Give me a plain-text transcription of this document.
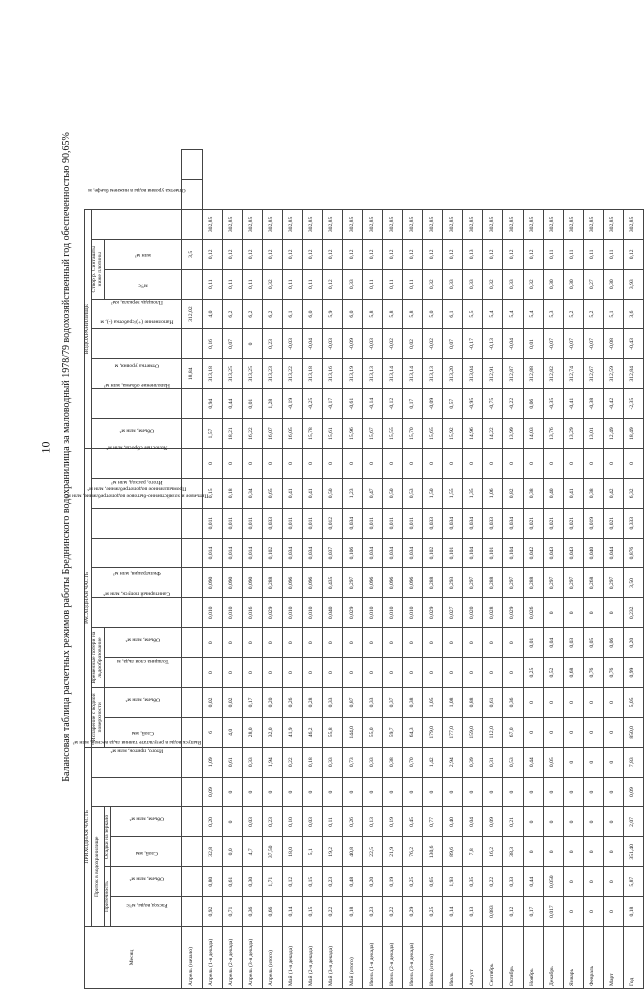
10 Балансовая таблица расчетных режимов работы Бреднинского водохранилища за маловодный 1978/79 водохозяйственный год обеспеченностью 90,65%
Месяц	ПРИХОДНАЯ ЧАСТЬ						РАСХОДНАЯ ЧАСТЬ										ВОДОХРАНИЛИЩЕ									
	Приток в водохранилище				Выпуск воды в результате таяния льда весной, млн м³	Итого, приток, млн м³	Испарение с водной поверхности		Временные потери на льдообразование		Санитарный попуск, млн м³	Фильтрация, млн м³	Питьевое и хозяйственно-бытовое водопотребление, млн м³	Промышленное водопотребление, млн м³	Итого, расход, млн м³	Холостые сбросы, млн м³	Объем, млн м³	Наполнение объема, млн м³	Отметка уровня, м	Наполнение (+)/сработка (-), м	Площадь зеркала, км²	Створ р. Синташты ниже плотины		Отметка уровня воды в нижнем бьефе, м		
	Притечность		Осадки на зеркало				Слой, мм	Объем, млн м³	Толщина слоя льда, м	Объем, млн м³												м³/с	млн м³			
	Расход воды, м³/с	Объем, млн м³	Слой, мм	Объем, млн м³																						
Апрель (начало)																			18,84		312,02		3,5			
Апрель (1-я декада)	0,92	0,80	32,8	0,20	0,09	1,09	6	0,02	0	0	0,010	0,090	0,014	0,011	0,15	0	1,57	0,94	313,18	0,16	4,0	0,11	0,12	302,85		
Апрель (2-я декада)	0,71	0,61	0,0	0	0	0,61	4,0	0,02	0	0	0,010	0,090	0,014	0,011	0,18	0	18,21	0,44	313,25	0,07	6,2	0,11	0,12	302,85		
Апрель (3-я декада)	0,36	0,30	4,7	0,03	0	0,33	28,0	0,17	0	0	0,016	0,090	0,014	0,011	0,34	0	16,22	0,01	313,25	0	6,2	0,11	0,12	302,85		
Апрель (итого)	0,66	1,71	37,50	0,23	0	1,94	32,0	0,20	0	0	0,029	0,288	0,102	0,033	0,65	0	16,07	1,28	313,23	0,23	6,2	0,32	0,12	302,85		
Май (1-я декада)	0,14	0,12	18,0	0,10	0	0,22	41,9	0,26	0	0	0,010	0,096	0,034	0,011	0,41	0	16,05	-0,19	313,22	-0,03	6,1	0,11	0,12	302,85		
Май (2-я декада)	0,15	0,15	5,1	0,03	0	0,18	46,2	0,28	0	0	0,010	0,096	0,034	0,011	0,41	0	15,78	-0,25	313,18	-0,04	6,0	0,11	0,12	302,85		
Май (3-я декада)	0,22	0,23	19,2	0,11	0	0,33	55,8	0,33	0	0	0,040	0,435	0,037	0,012	0,50	0	15,61	-0,17	313,16	-0,03	5,9	0,12	0,12	302,85		
Май (итого)	0,18	0,48	40,8	0,26	0	0,73	144,0	0,87	0	0	0,029	0,297	0,106	0,034	1,23	0	15,96	-0,61	313,19	-0,09	6,0	0,33	0,12	302,85		
Июнь (1-я декада)	0,23	0,20	22,5	0,13	0	0,33	55,0	0,33	0	0	0,010	0,096	0,034	0,011	0,47	0	15,67	-0,14	313,13	-0,03	5,8	0,11	0,12	302,85		
Июнь (2-я декада)	0,22	0,19	21,9	0,19	0	0,38	59,7	0,37	0	0	0,010	0,096	0,034	0,011	0,50	0	15,55	-0,12	313,14	-0,02	5,8	0,11	0,12	302,85		
Июнь (3-я декада)	0,29	0,25	76,2	0,45	0	0,70	64,3	0,38	0	0	0,010	0,096	0,034	0,011	0,53	0	15,70	0,17	313,14	0,02	5,8	0,11	0,12	302,85		
Июнь (итого)	0,25	0,65	130,6	0,77	0	1,42	179,0	1,05	0	0	0,029	0,288	0,102	0,033	1,50	0	15,65	-0,09	313,13	-0,02	5,0	0,32	0,12	302,85		
Июль	0,14	1,93	89,6	0,40	0	2,94	177,0	1,08	0	0	0,027	0,293	0,101	0,034	1,55	0	15,92	0,57	313,20	0,07	6,1	0,33	0,12	302,85		
Август	0,13	0,35	7,8	0,04	0	0,39	159,0	0,88	0	0	0,020	0,297	0,104	0,034	1,35	0	14,96	-0,95	313,04	-0,17	5,5	0,33	0,13	302,85		
Сентябрь	0,083	0,22	16,2	0,09	0	0,31	112,0	0,61	0	0	0,028	0,288	0,101	0,033	1,06	0	14,22	-0,75	312,91	-0,13	5,4	0,32	0,12	302,85		
Октябрь	0,12	0,33	38,3	0,21	0	0,53	67,0	0,36	0	0	0,029	0,297	0,104	0,034	0,82	0	13,99	-0,22	312,87	-0,04	5,4	0,33	0,12	302,85		
Ноябрь	0,17	0,44	0	0	0	0,44	0	0	0,25	0,01	0,026	0,288	0,042	0,021	0,38	0	14,03	0,06	312,88	0,01	5,4	0,32	0,12	302,85		
Декабрь	0,017	0,050	0	0	0	0,05	0	0	0,52	0,04	0	0,297	0,043	0,021	0,40	0	13,76	-0,35	312,82	-0,07	5,3	0,30	0,11	302,85		
Январь	0	0	0	0	0	0	0	0	0,68	0,03	0	0,297	0,043	0,021	0,41	0	13,29	-0,41	312,74	-0,07	5,2	0,30	0,11	302,85		
Февраль	0	0	0	0	0	0	0	0	0,76	0,05	0	0,268	0,040	0,019	0,38	0	13,01	-0,38	312,67	-0,07	5,2	0,27	0,11	302,85		
Март	0	0	0	0	0	0	0	0	0,76	0,06	0	0,297	0,044	0,021	0,42	0	12,49	-0,42	312,59	-0,08	5,1	0,30	0,11	302,85		
Год	0,18	5,87	351,40	2,07	0,09	7,83	850,0	5,05	0,99	0,20	0,232	3,50	0,876	0,333	6,32	0	18,49	-2,35	312,84	-0,43	3,6	3,93	0,12	302,85		
